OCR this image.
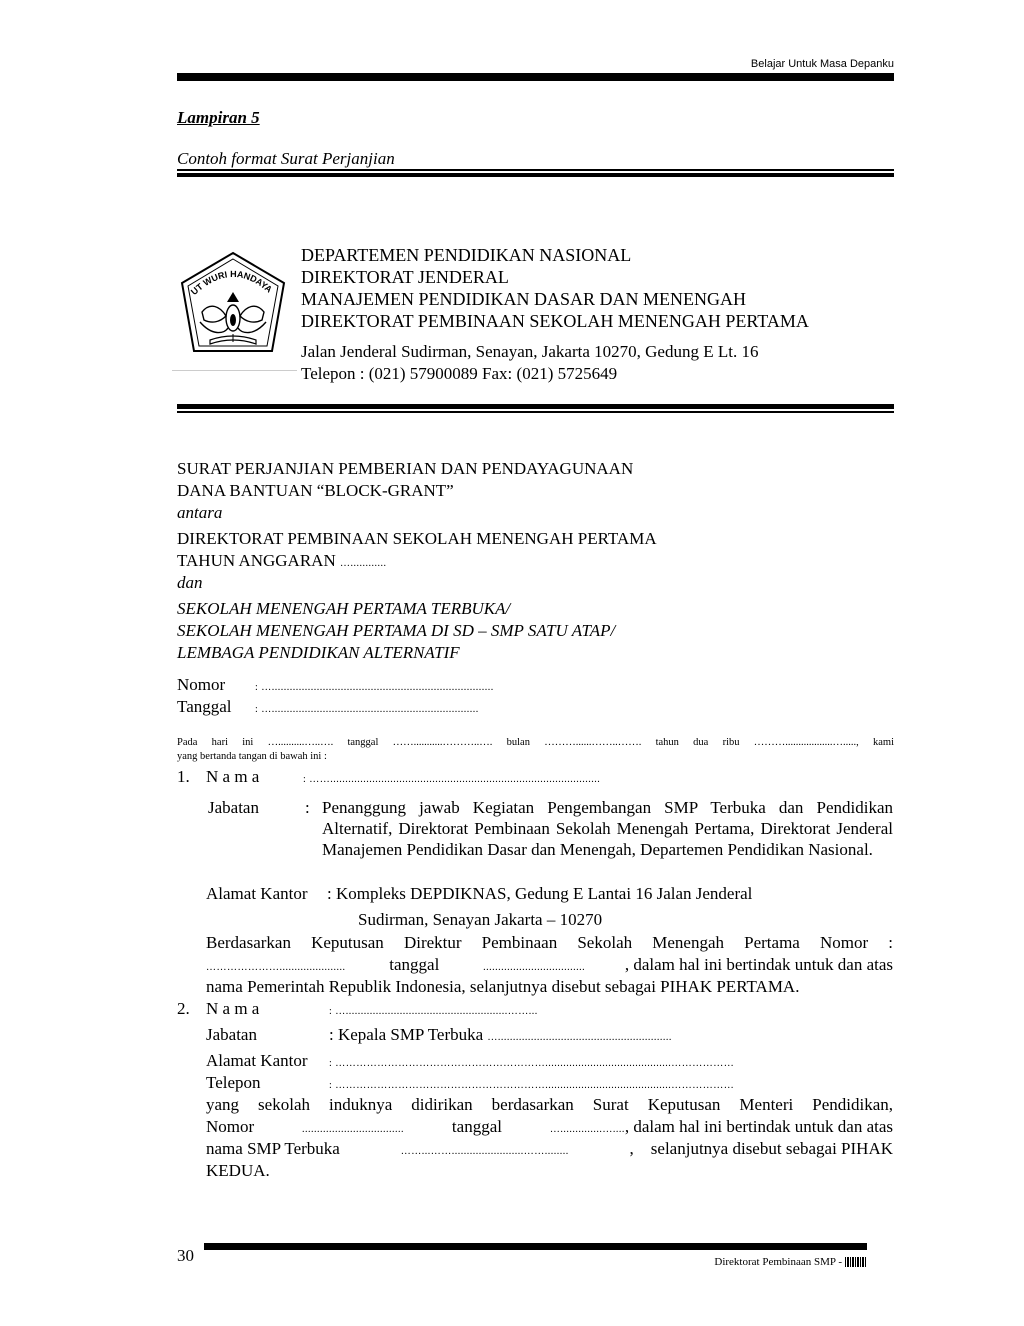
Belajar Untuk Masa Depanku
Lampiran 5
Contoh format Surat Perjanjian
UT WURI HANDAYA
DEPARTEMEN PENDIDIKAN NASIONAL
DIREKTORAT JENDERAL
MANAJEMEN PENDIDIKAN DASAR DAN MENENGAH
DIREKTORAT PEMBINAAN SEKOLAH MENENGAH PERTAMA
Jalan Jenderal Sudirman, Senayan, Jakarta 10270, Gedung E Lt. 16
Telepon : (021) 57900089 Fax: (021) 5725649
SURAT PERJANJIAN PEMBERIAN DAN PENDAYAGUNAAN
DANA BANTUAN “BLOCK-GRANT”
antara
DIREKTORAT PEMBINAAN SEKOLAH MENENGAH PERTAMA
TAHUN ANGGARAN …............
dan
SEKOLAH MENENGAH PERTAMA TERBUKA/
SEKOLAH MENENGAH PERTAMA DI SD – SMP SATU ATAP/
LEMBAGA PENDIDIKAN ALTERNATIF
Nomor	: …..........................................................................
Tanggal : ….....................................................................
Pada hari ini …..........…..…. tanggal ……...........………..…. bulan ………......……..……. tahun dua ribu ………..................…....., kami
yang bertanda tangan di bawah ini :
1. N a m a	: ……..........................................................................................
Jabatan	: Penanggung jawab Kegiatan Pengembangan SMP Terbuka dan Pendidikan Alternatif, Direktorat Pembinaan Sekolah Menengah Pertama, Direktorat Jenderal Manajemen Pendidikan Dasar dan Menengah, Departemen Pendidikan Nasional.
Alamat Kantor : Kompleks DEPDIKNAS, Gedung E Lantai 16 Jalan Jenderal
Sudirman, Senayan Jakarta – 10270
Berdasarkan Keputusan Direktur Pembinaan Sekolah Menengah Pertama Nomor :
…………………......................	tanggal	.................................. , dalam hal ini bertindak untuk dan atas
nama Pemerintah Republik Indonesia, selanjutnya disebut sebagai PIHAK PERTAMA.
2. N a m a	: …......................................................……...
Jabatan	: Kepala SMP Terbuka …..........................................................
Alamat Kantor : ……………………………………………………..........................................………………
Telepon	: ……………………………………………………..........................................………………
yang sekolah induknya didirikan berdasarkan Surat Keputusan Menteri Pendidikan,
Nomor	..................................	tanggal	…..............…...., dalam hal ini bertindak untuk dan atas
nama SMP Terbuka	……...……........................……........	,    selanjutnya disebut sebagai PIHAK
KEDUA.
30	Direktorat Pembinaan SMP -
